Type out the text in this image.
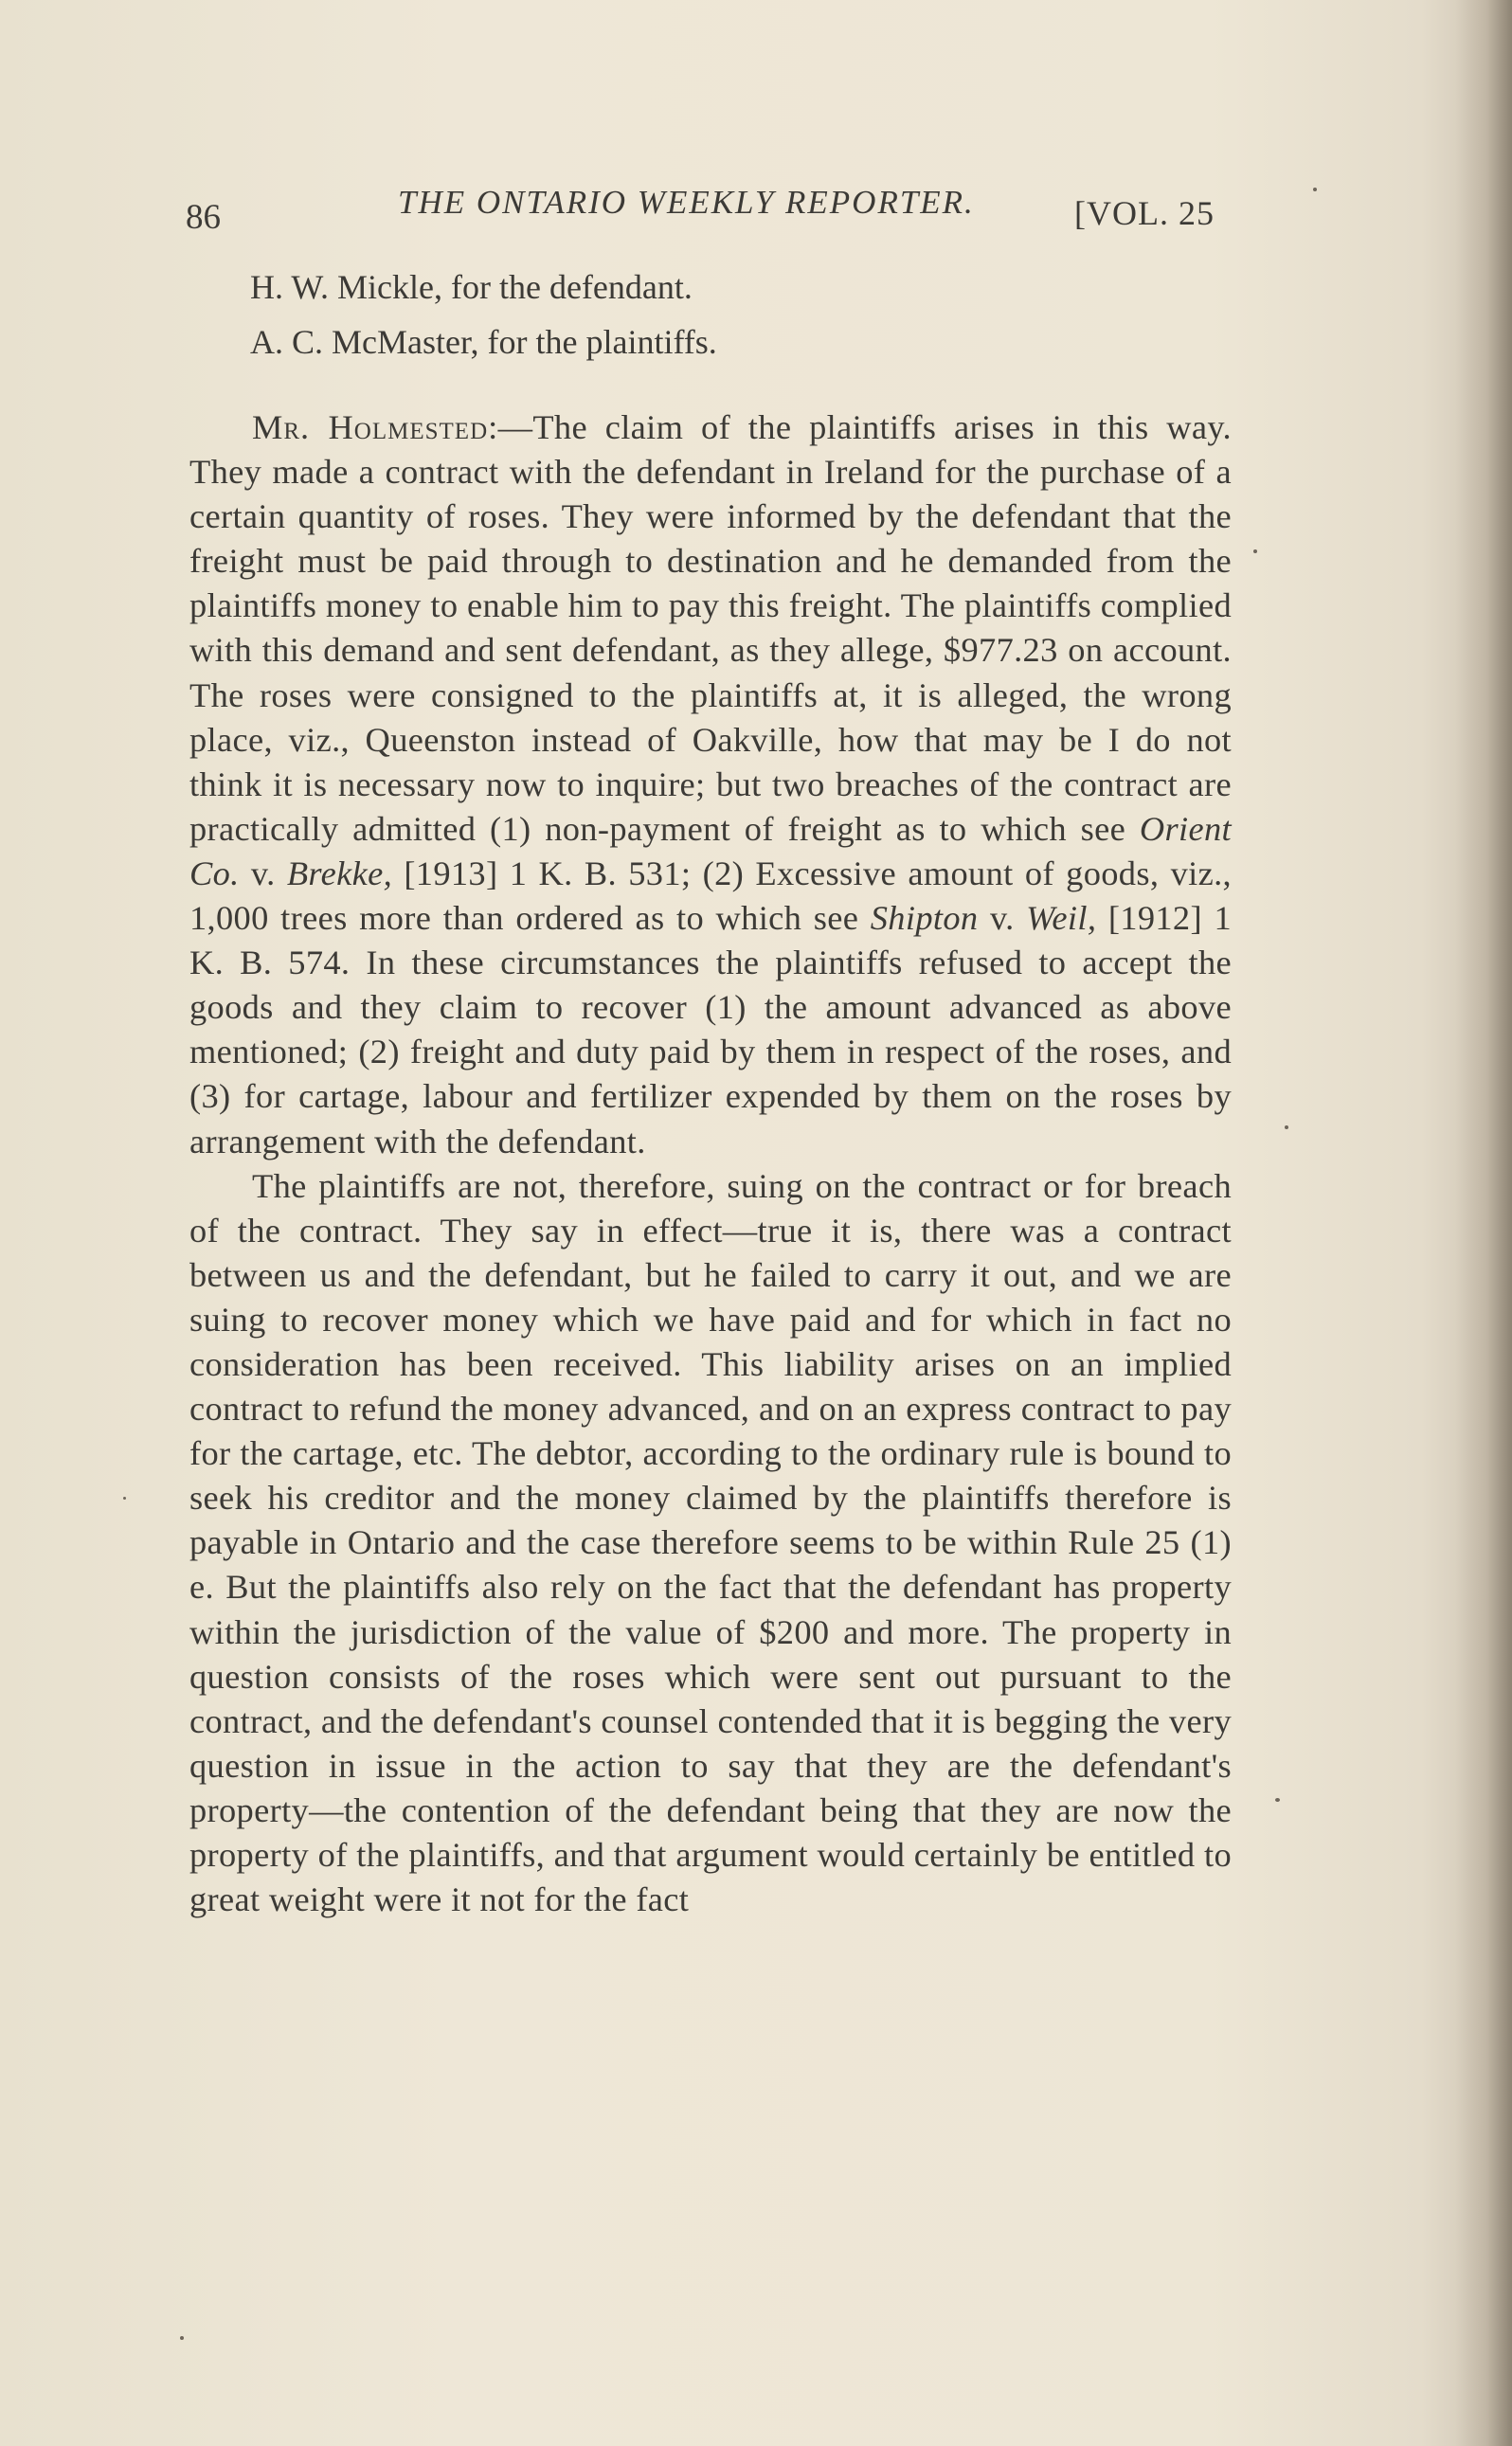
86	THE ONTARIO WEEKLY REPORTER.	[VOL. 25
H. W. Mickle, for the defendant.
A. C. McMaster, for the plaintiffs.

Mr. Holmested:—The claim of the plaintiffs arises in this way. They made a contract with the defendant in Ireland for the purchase of a certain quantity of roses. They were informed by the defendant that the freight must be paid through to destination and he demanded from the plaintiffs money to enable him to pay this freight. The plaintiffs complied with this demand and sent defendant, as they allege, $977.23 on account. The roses were consigned to the plaintiffs at, it is alleged, the wrong place, viz., Queenston instead of Oakville, how that may be I do not think it is necessary now to inquire; but two breaches of the contract are practically admitted (1) non-payment of freight as to which see Orient Co. v. Brekke, [1913] 1 K. B. 531; (2) Excessive amount of goods, viz., 1,000 trees more than ordered as to which see Shipton v. Weil, [1912] 1 K. B. 574. In these circumstances the plaintiffs refused to accept the goods and they claim to recover (1) the amount advanced as above mentioned; (2) freight and duty paid by them in respect of the roses, and (3) for cartage, labour and fertilizer expended by them on the roses by arrangement with the defendant.

The plaintiffs are not, therefore, suing on the contract or for breach of the contract. They say in effect—true it is, there was a contract between us and the defendant, but he failed to carry it out, and we are suing to recover money which we have paid and for which in fact no consideration has been received. This liability arises on an implied contract to refund the money advanced, and on an express contract to pay for the cartage, etc. The debtor, according to the ordinary rule is bound to seek his creditor and the money claimed by the plaintiffs therefore is payable in Ontario and the case therefore seems to be within Rule 25 (1) e. But the plaintiffs also rely on the fact that the defendant has property within the jurisdiction of the value of $200 and more. The property in question consists of the roses which were sent out pursuant to the contract, and the defendant's counsel contended that it is begging the very question in issue in the action to say that they are the defendant's property—the contention of the defendant being that they are now the property of the plaintiffs, and that argument would certainly be entitled to great weight were it not for the fact
